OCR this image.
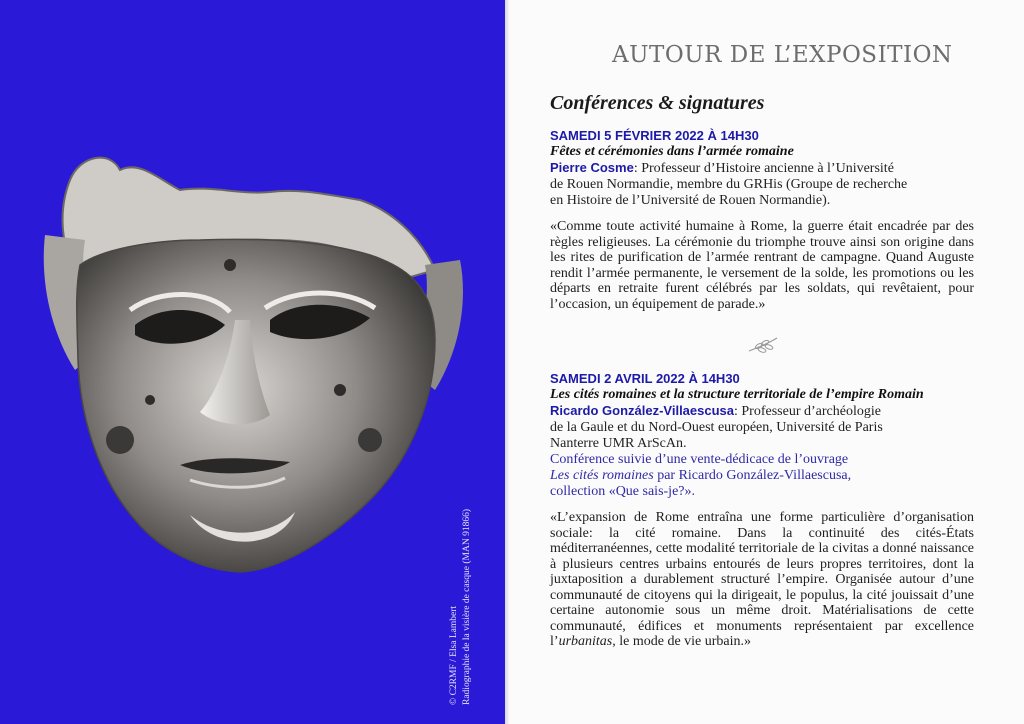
© C2RMF / Elsa Lambert Radiographie de la visière de casque (MAN 91866)
AUTOUR DE L’EXPOSITION
Conférences & signatures
SAMEDI 5 FÉVRIER 2022 À 14H30
Fêtes et cérémonies dans l’armée romaine
Pierre Cosme: Professeur d’Histoire ancienne à l’Université
de Rouen Normandie, membre du GRHis (Groupe de recherche
en Histoire de l’Université de Rouen Normandie).
«Comme toute activité humaine à Rome, la guerre était encadrée par des règles religieuses. La cérémonie du triomphe trouve ainsi son origine dans les rites de purification de l’armée rentrant de campagne. Quand Auguste rendit l’armée permanente, le versement de la solde, les promotions ou les départs en retraite furent célébrés par les soldats, qui revêtaient, pour l’occasion, un équipement de parade.»
SAMEDI 2 AVRIL 2022 À 14H30
Les cités romaines et la structure territoriale de l’empire Romain
Ricardo González-Villaescusa: Professeur d’archéologie
de la Gaule et du Nord-Ouest européen, Université de Paris
Nanterre UMR ArScAn.
Conférence suivie d’une vente-dédicace de l’ouvrage
Les cités romaines par Ricardo González-Villaescusa,
collection «Que sais-je?».
«L’expansion de Rome entraîna une forme particulière d’organisation sociale: la cité romaine. Dans la continuité des cités-États méditerranéennes, cette modalité territoriale de la civitas a donné naissance à plusieurs centres urbains entourés de leurs propres territoires, dont la juxtaposition a durablement structuré l’empire. Organisée autour d’une communauté de citoyens qui la dirigeait, le populus, la cité jouissait d’une certaine autonomie sous un même droit. Matérialisations de cette communauté, édifices et monuments représentaient par excellence l’urbanitas, le mode de vie urbain.»
